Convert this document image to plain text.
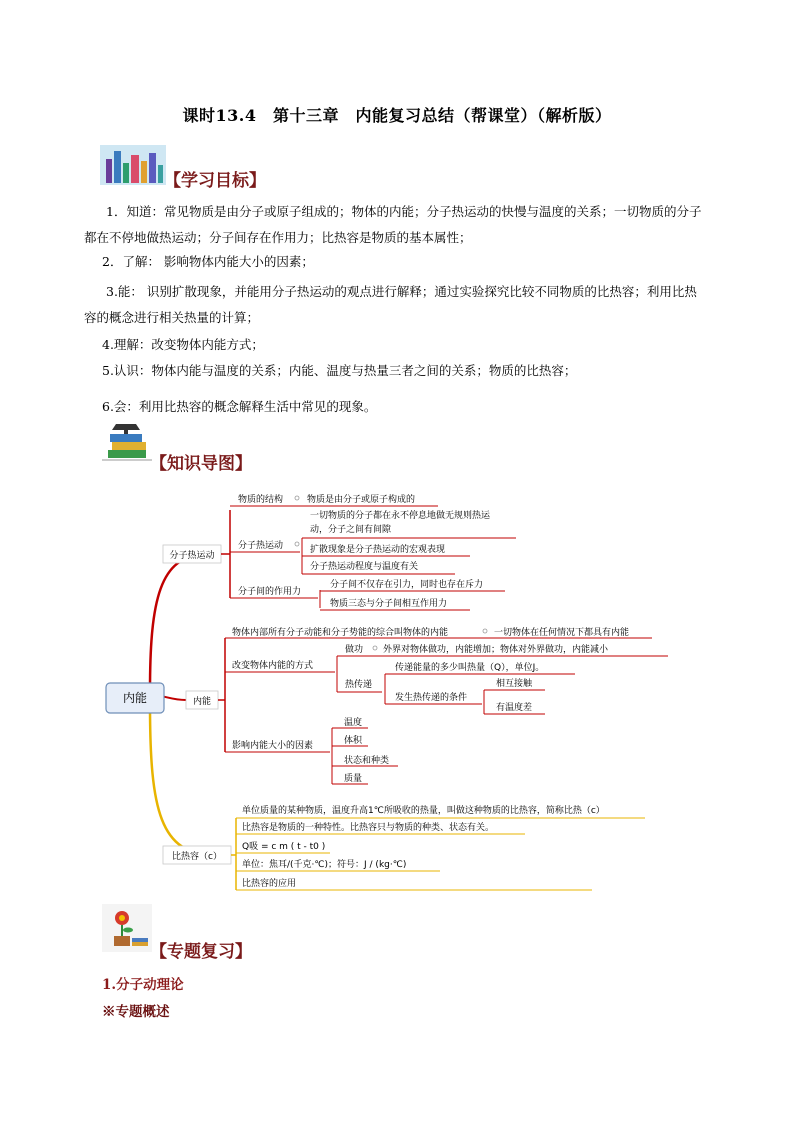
课时13.4　第十三章　内能复习总结（帮课堂）（解析版）
【学习目标】
1．知道：常见物质是由分子或原子组成的；物体的内能；分子热运动的快慢与温度的关系；一切物质的分子都在不停地做热运动；分子间存在作用力；比热容是物质的基本属性；
2．了解： 影响物体内能大小的因素；
3.能： 识别扩散现象，并能用分子热运动的观点进行解释；通过实验探究比较不同物质的比热容；利用比热容的概念进行相关热量的计算；
4.理解：改变物体内能方式；
5.认识：物体内能与温度的关系；内能、温度与热量三者之间的关系；物质的比热容；
6.会：利用比热容的概念解释生活中常见的现象。
【知识导图】
内能
分子热运动
物质的结构	物质是由分子或原子构成的
分子热运动
一切物质的分子都在永不停息地做无规则热运
动，分子之间有间隙
扩散现象是分子热运动的宏观表现
分子热运动程度与温度有关
分子间的作用力
分子间不仅存在引力，同时也存在斥力
物质三态与分子间相互作用力
内能
物体内部所有分子动能和分子势能的综合叫物体的内能	一切物体在任何情况下都具有内能
改变物体内能的方式
做功 外界对物体做功，内能增加；物体对外界做功，内能减小
热传递
传递能量的多少叫热量（Q），单位J。
发生热传递的条件
相互接触
有温度差
影响内能大小的因素
温度
体积
状态和种类
质量
比热容（c）
单位质量的某种物质，温度升高1℃所吸收的热量，叫做这种物质的比热容，简称比热（c）
比热容是物质的一种特性。比热容只与物质的种类、状态有关。
Q吸 = c m ( t - t0 )
单位：焦耳/(千克·℃)；符号：J / (kg·℃)
比热容的应用
【专题复习】
1.分子动理论
※专题概述
